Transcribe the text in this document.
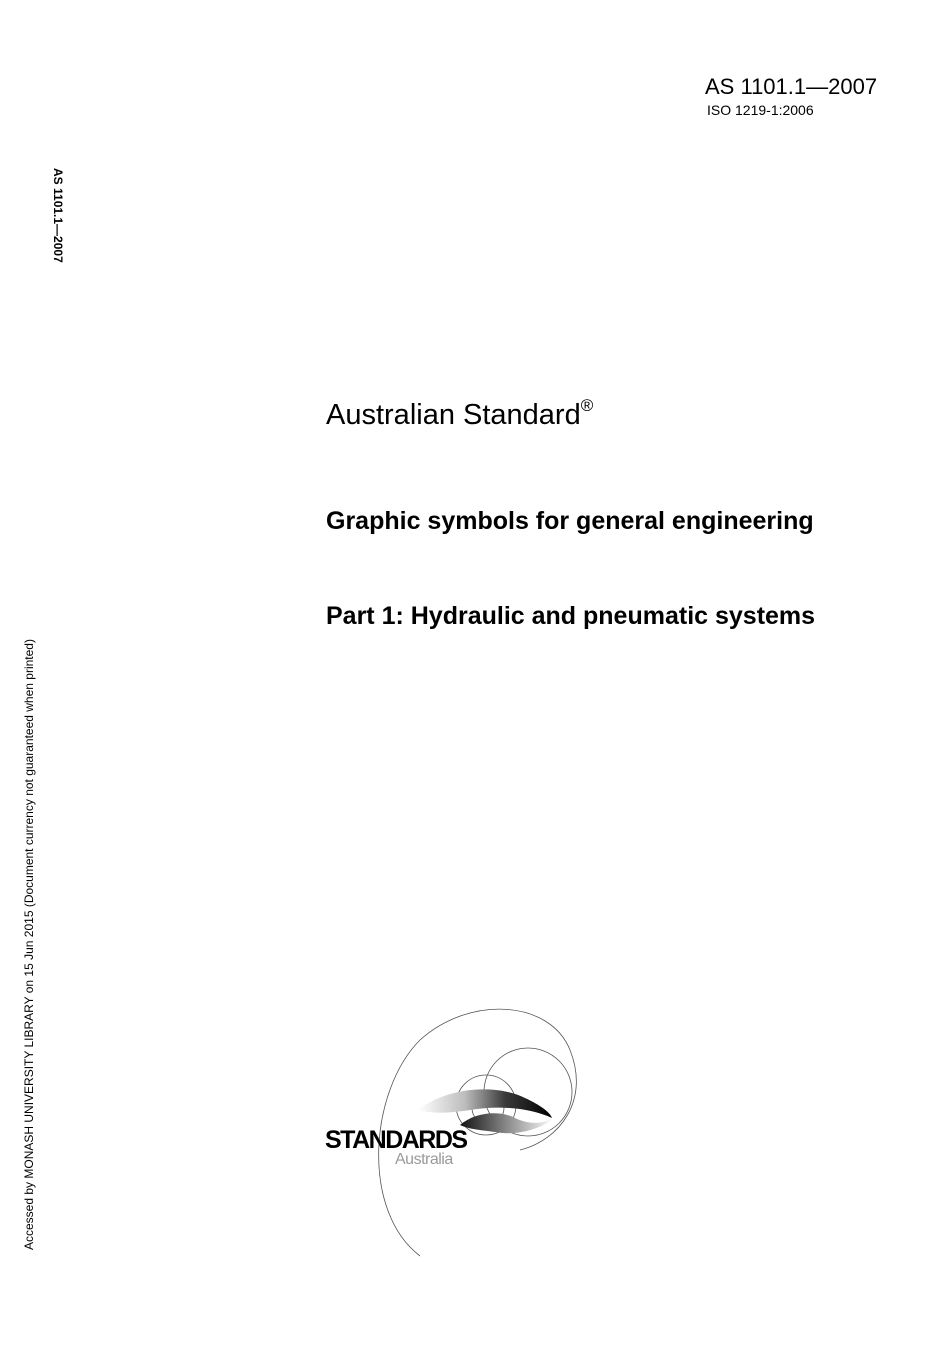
AS 1101.1—2007
ISO 1219-1:2006
AS 1101.1—2007
Accessed by MONASH UNIVERSITY LIBRARY on 15 Jun 2015 (Document currency not guaranteed when printed)
Australian Standard®
Graphic symbols for general engineering
Part 1: Hydraulic and pneumatic systems
STANDARDS
Australia
